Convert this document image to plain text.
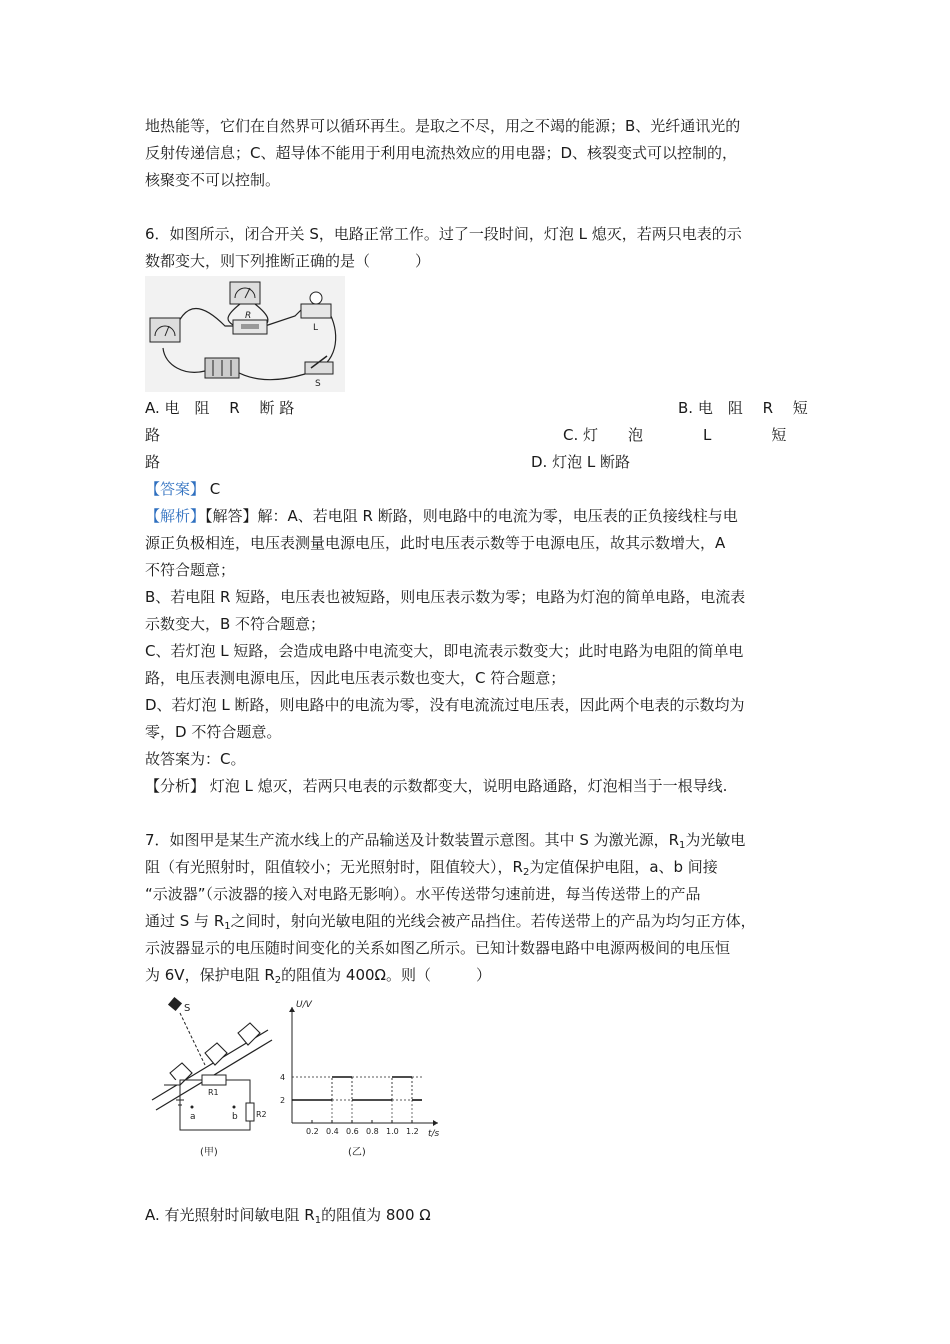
地热能等，它们在自然界可以循环再生。是取之不尽，用之不竭的能源；B、光纤通讯光的
反射传递信息；C、超导体不能用于利用电流热效应的用电器；D、核裂变式可以控制的，
核聚变不可以控制。
6．如图所示，闭合开关 S，电路正常工作。过了一段时间，灯泡 L 熄灭，若两只电表的示
数都变大，则下列推断正确的是（　　　）
R
L
S
A. 电　阻　 R　 断 路	B. 电　阻　 R　 短
路	C. 灯　　泡　　　　L　　　　短
路	D. 灯泡 L 断路
【答案】 C
【解析】【解答】解：A、若电阻 R 断路，则电路中的电流为零，电压表的正负接线柱与电
源正负极相连，电压表测量电源电压，此时电压表示数等于电源电压，故其示数增大，A
不符合题意；
B、若电阻 R 短路，电压表也被短路，则电压表示数为零；电路为灯泡的简单电路，电流表
示数变大，B 不符合题意；
C、若灯泡 L 短路，会造成电路中电流变大，即电流表示数变大；此时电路为电阻的简单电
路，电压表测电源电压，因此电压表示数也变大，C 符合题意；
D、若灯泡 L 断路，则电路中的电流为零，没有电流流过电压表，因此两个电表的示数均为
零，D 不符合题意。
故答案为：C。
【分析】 灯泡 L 熄灭，若两只电表的示数都变大，说明电路通路，灯泡相当于一根导线.
7．如图甲是某生产流水线上的产品输送及计数装置示意图。其中 S 为激光源，$R_1$为光敏电
阻（有光照射时，阻值较小；无光照射时，阻值较大），$R_2$为定值保护电阻，a、b 间接
“示波器”（示波器的接入对电路无影响）。水平传送带匀速前进，每当传送带上的产品
通过 S 与 $R_1$之间时，射向光敏电阻的光线会被产品挡住。若传送带上的产品为均匀正方体，
示波器显示的电压随时间变化的关系如图乙所示。已知计数器电路中电源两极间的电压恒
为 6V，保护电阻 $R_2$的阻值为 400Ω。则（　　　）
S
R1
R2
a	b
(甲)
U/V
t/s
0.2 0.4 0.6 0.8 1.0 1.2
2
4
(乙)
A. 有光照射时间敏电阻 $R_1$的阻值为 800 Ω
